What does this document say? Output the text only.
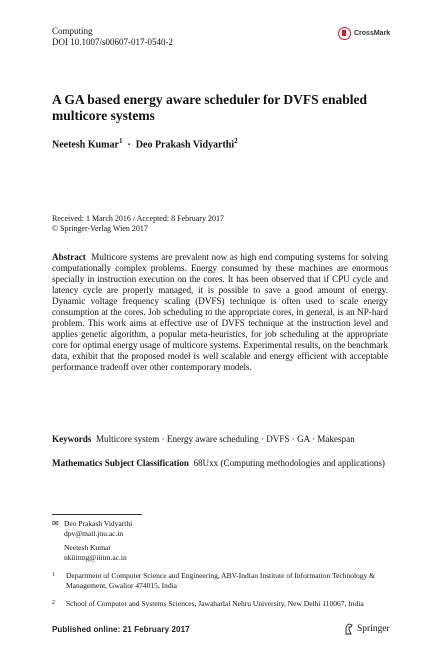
Computing
DOI 10.1007/s00607-017-0540-2
CrossMark
A GA based energy aware scheduler for DVFS enabled multicore systems
Neetesh Kumar$^1$ · Deo Prakash Vidyarthi$^2$
Received: 1 March 2016 / Accepted: 8 February 2017
© Springer-Verlag Wien 2017
Abstract Multicore systems are prevalent now as high end computing systems for solving computationally complex problems. Energy consumed by these machines are enormous specially in instruction execution on the cores. It has been observed that if CPU cycle and latency cycle are properly managed, it is possible to save a good amount of energy. Dynamic voltage frequency scaling (DVFS) technique is often used to scale energy consumption at the cores. Job scheduling to the appropriate cores, in general, is an NP-hard problem. This work aims at effective use of DVFS technique at the instruction level and applies genetic algorithm, a popular meta-heuristics, for job scheduling at the appropriate core for optimal energy usage of multicore systems. Experimental results, on the benchmark data, exhibit that the proposed model is well scalable and energy efficient with acceptable performance tradeoff over other contemporary models.
Keywords Multicore system · Energy aware scheduling · DVFS · GA · Makespan
Mathematics Subject Classification 68Uxx (Computing methodologies and applications)
✉ Deo Prakash Vidyarthi
dpv@mail.jnu.ac.in
Neetesh Kumar
nkiiitmg@iiitm.ac.in
1	Department of Computer Science and Engineering, ABV-Indian Institute of Information Technology & Management, Gwalior 474015, India
2	School of Computer and Systems Sciences, Jawaharlal Nehru University, New Delhi 110067, India
Published online: 21 February 2017	Springer
